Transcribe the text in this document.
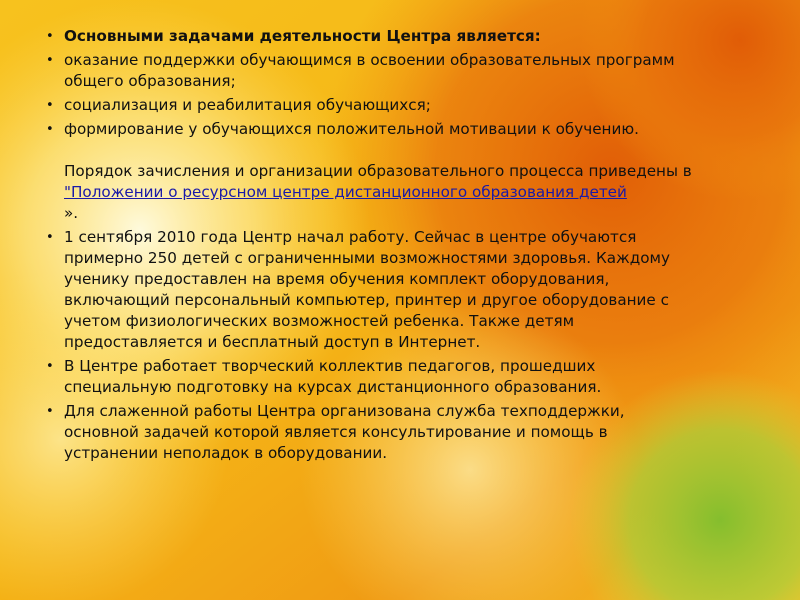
• Основными задачами деятельности Центра является:
• оказание поддержки обучающимся в освоении образовательных программ общего образования;
• социализация и реабилитация обучающихся;
• формирование у обучающихся положительной мотивации к обучению.
Порядок зачисления и организации образовательного процесса приведены в
"Положении о ресурсном центре дистанционного образования детей
».
• 1 сентября 2010 года Центр начал работу. Сейчас в центре обучаются примерно 250 детей с ограниченными возможностями здоровья. Каждому ученику предоставлен на время обучения комплект оборудования, включающий персональный компьютер, принтер и другое оборудование с учетом физиологических возможностей ребенка. Также детям предоставляется и бесплатный доступ в Интернет.
• В Центре работает творческий коллектив педагогов, прошедших специальную подготовку на курсах дистанционного образования.
• Для слаженной работы Центра организована служба техподдержки, основной задачей которой является консультирование и помощь в устранении неполадок в оборудовании.
